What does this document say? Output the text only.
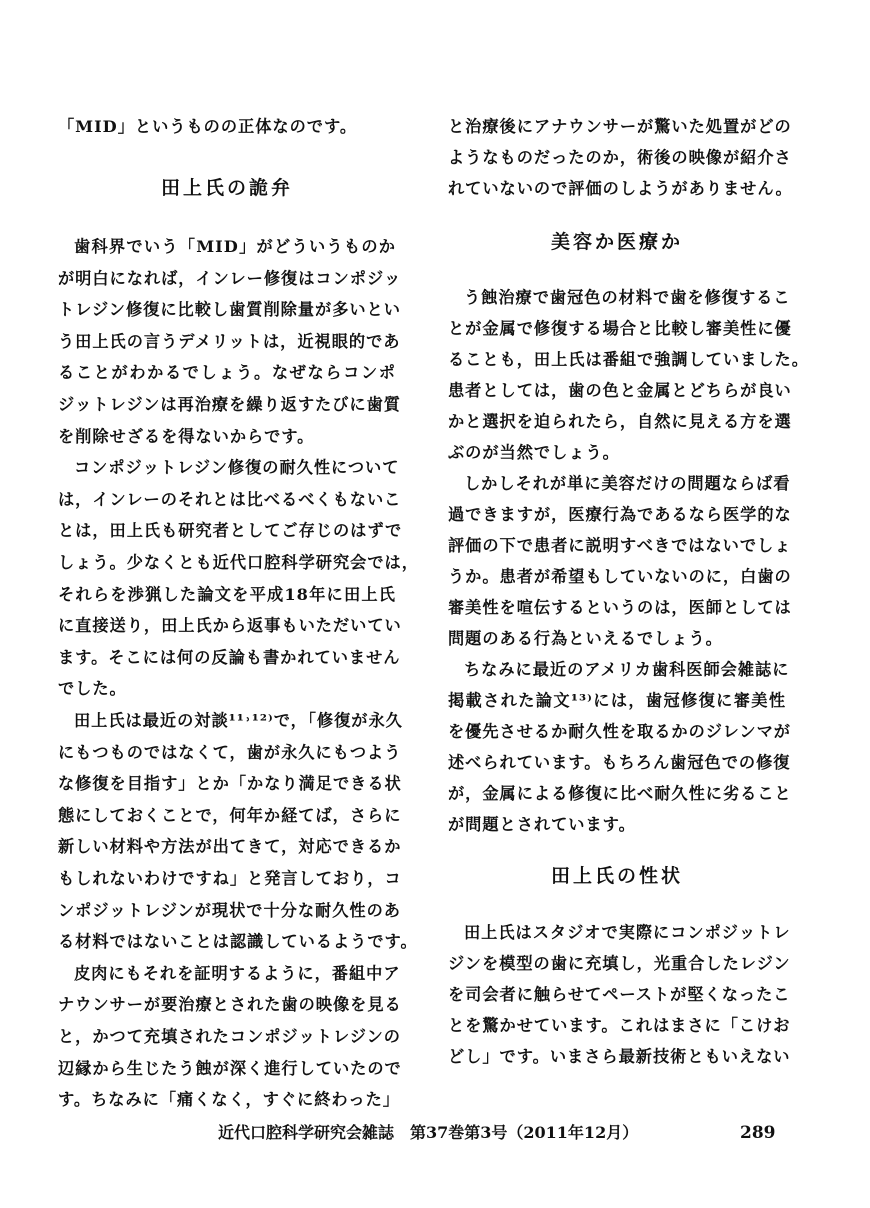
「MID」というものの正体なのです。
田上氏の詭弁
歯科界でいう「MID」がどういうものか
が明白になれば，インレー修復はコンポジッ
トレジン修復に比較し歯質削除量が多いとい
う田上氏の言うデメリットは，近視眼的であ
ることがわかるでしょう。なぜならコンポ
ジットレジンは再治療を繰り返すたびに歯質
を削除せざるを得ないからです。
コンポジットレジン修復の耐久性について
は，インレーのそれとは比べるべくもないこ
とは，田上氏も研究者としてご存じのはずで
しょう。少なくとも近代口腔科学研究会では，
それらを渉猟した論文を平成18年に田上氏
に直接送り，田上氏から返事もいただいてい
ます。そこには何の反論も書かれていません
でした。
田上氏は最近の対談¹¹˒¹²⁾で，「修復が永久
にもつものではなくて，歯が永久にもつよう
な修復を目指す」とか「かなり満足できる状
態にしておくことで，何年か経てば，さらに
新しい材料や方法が出てきて，対応できるか
もしれないわけですね」と発言しており，コ
ンポジットレジンが現状で十分な耐久性のあ
る材料ではないことは認識しているようです。
皮肉にもそれを証明するように，番組中ア
ナウンサーが要治療とされた歯の映像を見る
と，かつて充填されたコンポジットレジンの
辺縁から生じたう蝕が深く進行していたので
す。ちなみに「痛くなく，すぐに終わった」
と治療後にアナウンサーが驚いた処置がどの
ようなものだったのか，術後の映像が紹介さ
れていないので評価のしようがありません。
美容か医療か
う蝕治療で歯冠色の材料で歯を修復するこ
とが金属で修復する場合と比較し審美性に優
ることも，田上氏は番組で強調していました。
患者としては，歯の色と金属とどちらが良い
かと選択を迫られたら，自然に見える方を選
ぶのが当然でしょう。
しかしそれが単に美容だけの問題ならば看
過できますが，医療行為であるなら医学的な
評価の下で患者に説明すべきではないでしょ
うか。患者が希望もしていないのに，白歯の
審美性を喧伝するというのは，医師としては
問題のある行為といえるでしょう。
ちなみに最近のアメリカ歯科医師会雑誌に
掲載された論文¹³⁾には，歯冠修復に審美性
を優先させるか耐久性を取るかのジレンマが
述べられています。もちろん歯冠色での修復
が，金属による修復に比べ耐久性に劣ること
が問題とされています。
田上氏の性状
田上氏はスタジオで実際にコンポジットレ
ジンを模型の歯に充填し，光重合したレジン
を司会者に触らせてペーストが堅くなったこ
とを驚かせています。これはまさに「こけお
どし」です。いまさら最新技術ともいえない
近代口腔科学研究会雑誌　第37巻第3号（2011年12月）	289
